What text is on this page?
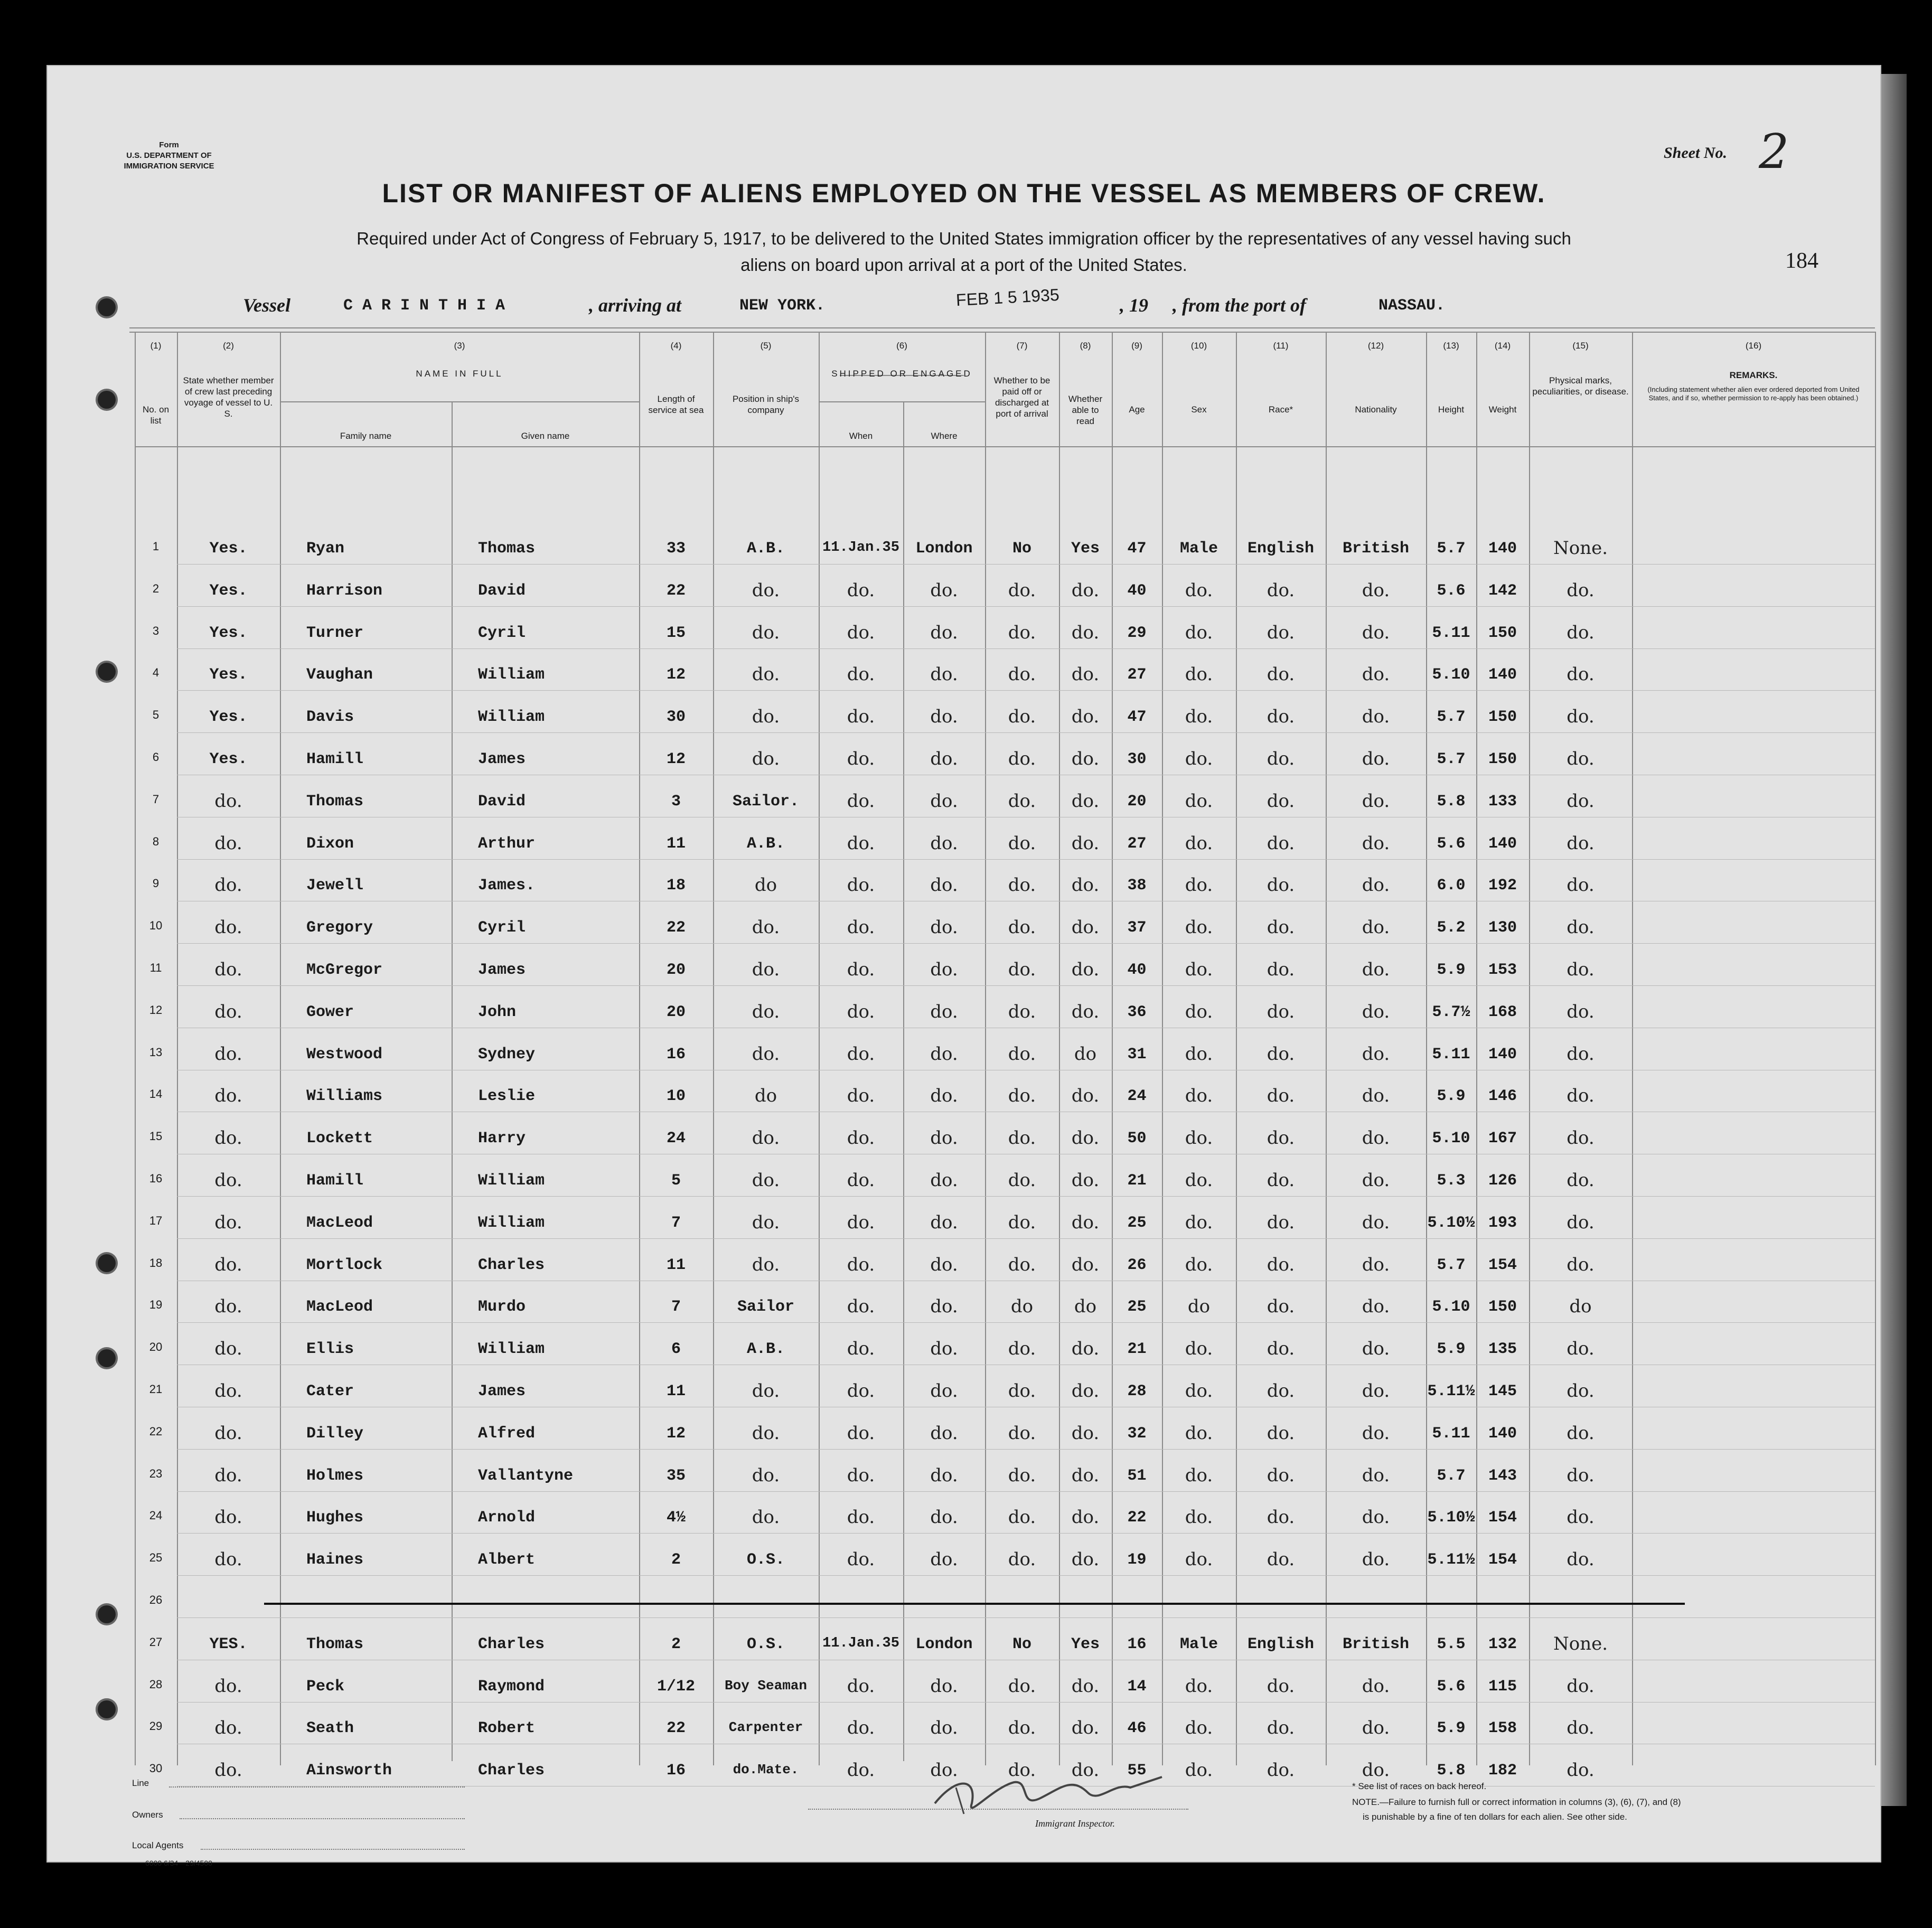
Form
U.S. DEPARTMENT OF
IMMIGRATION SERVICE
Sheet No. 2
LIST OR MANIFEST OF ALIENS EMPLOYED ON THE VESSEL AS MEMBERS OF CREW.
Required under Act of Congress of February 5, 1917, to be delivered to the United States immigration officer by the representatives of any vessel having such
aliens on board upon arrival at a port of the United States.	184
Vessel	C A R I N T H I A	, arriving at	NEW YORK.	FEB 1 5 1935	, 19 , from the port of	NASSAU.
(1)
No. on list
(2)
State whether member of crew last preceding voyage of vessel to U. S.
(3)
NAME IN FULL
Family name	Given name
(4)
Length of service at sea
(5)
Position in ship's company
(6)
SHIPPED OR ENGAGED
When	Where
(7)
Whether to be paid off or discharged at port of arrival
(8)
Whether able to read
(9)
Age
(10)
Sex
(11)
Race*
(12)
Nationality
(13)
Height
(14)
Weight
(15)
Physical marks, peculiarities, or disease.
(16)
REMARKS.
(Including statement whether alien ever ordered deported from United States, and if so, whether permission to re-apply has been obtained.)
1	Yes.	Ryan	Thomas	33	A.B.	11.Jan.35	London	No	Yes	47	Male	English	British	5.7	140	None.
2	Yes.	Harrison	David	22	do.	do.	do.	do.	do.	40	do.	do.	do.	5.6	142	do.
3	Yes.	Turner	Cyril	15	do.	do.	do.	do.	do.	29	do.	do.	do.	5.11	150	do.
4	Yes.	Vaughan	William	12	do.	do.	do.	do.	do.	27	do.	do.	do.	5.10	140	do.
5	Yes.	Davis	William	30	do.	do.	do.	do.	do.	47	do.	do.	do.	5.7	150	do.
6	Yes.	Hamill	James	12	do.	do.	do.	do.	do.	30	do.	do.	do.	5.7	150	do.
7	do.	Thomas	David	3	Sailor.	do.	do.	do.	do.	20	do.	do.	do.	5.8	133	do.
8	do.	Dixon	Arthur	11	A.B.	do.	do.	do.	do.	27	do.	do.	do.	5.6	140	do.
9	do.	Jewell	James.	18	do	do.	do.	do.	do.	38	do.	do.	do.	6.0	192	do.
10	do.	Gregory	Cyril	22	do.	do.	do.	do.	do.	37	do.	do.	do.	5.2	130	do.
11	do.	McGregor	James	20	do.	do.	do.	do.	do.	40	do.	do.	do.	5.9	153	do.
12	do.	Gower	John	20	do.	do.	do.	do.	do.	36	do.	do.	do.	5.7½	168	do.
13	do.	Westwood	Sydney	16	do.	do.	do.	do.	do	31	do.	do.	do.	5.11	140	do.
14	do.	Williams	Leslie	10	do	do.	do.	do.	do.	24	do.	do.	do.	5.9	146	do.
15	do.	Lockett	Harry	24	do.	do.	do.	do.	do.	50	do.	do.	do.	5.10	167	do.
16	do.	Hamill	William	5	do.	do.	do.	do.	do.	21	do.	do.	do.	5.3	126	do.
17	do.	MacLeod	William	7	do.	do.	do.	do.	do.	25	do.	do.	do.	5.10½ 193	do.
18	do.	Mortlock	Charles	11	do.	do.	do.	do.	do.	26	do.	do.	do.	5.7	154	do.
19	do.	MacLeod	Murdo	7	Sailor	do.	do.	do	do	25	do	do.	do.	5.10	150	do
20	do.	Ellis	William	6	A.B.	do.	do.	do.	do.	21	do.	do.	do.	5.9	135	do.
21	do.	Cater	James	11	do.	do.	do.	do.	do.	28	do.	do.	do.	5.11½ 145	do.
22	do.	Dilley	Alfred	12	do.	do.	do.	do.	do.	32	do.	do.	do.	5.11	140	do.
23	do.	Holmes	Vallantyne	35	do.	do.	do.	do.	do.	51	do.	do.	do.	5.7	143	do.
24	do.	Hughes	Arnold	4½	do.	do.	do.	do.	do.	22	do.	do.	do.	5.10½ 154	do.
25	do.	Haines	Albert	2	O.S.	do.	do.	do.	do.	19	do.	do.	do.	5.11½ 154	do.
26
27	YES.	Thomas	Charles	2	O.S.	11.Jan.35	London	No	Yes	16	Male	English	British	5.5	132	None.
28	do.	Peck	Raymond	1/12	Boy Seaman	do.	do.	do.	do.	14	do.	do.	do.	5.6	115	do.
29	do.	Seath	Robert	22	Carpenter	do.	do.	do.	do.	46	do.	do.	do.	5.9	158	do.
30	do.	Ainsworth	Charles	16	do.Mate.	do.	do.	do.	do.	55	do.	do.	do.	5.8	182	do.
Line
Owners
Local Agents
6000 6/34—29/4500
Immigrant Inspector.
* See list of races on back hereof.
NOTE.—Failure to furnish full or correct information in columns (3), (6), (7), and (8)
is punishable by a fine of ten dollars for each alien. See other side.
